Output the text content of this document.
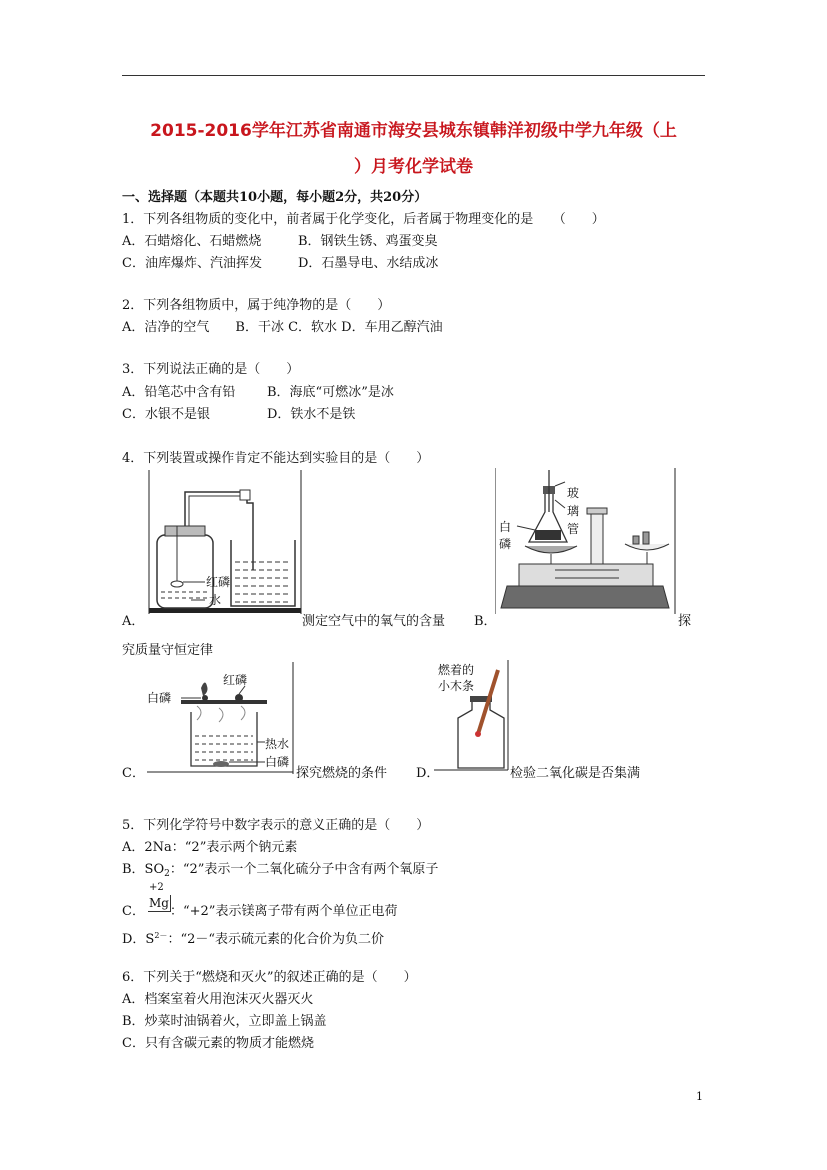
2015-2016学年江苏省南通市海安县城东镇韩洋初级中学九年级（上
）月考化学试卷
一、选择题（本题共10小题，每小题2分，共20分）
1．下列各组物质的变化中，前者属于化学变化，后者属于物理变化的是　　（　　）
A．石蜡熔化、石蜡燃烧	B．钢铁生锈、鸡蛋变臭
C．油库爆炸、汽油挥发	D．石墨导电、水结成冰
2．下列各组物质中，属于纯净物的是（　　）
A．洁净的空气　　B．干冰 C．软水 D．车用乙醇汽油
3．下列说法正确的是（　　）
A．铅笔芯中含有铅 B．海底“可燃冰”是冰
C．水银不是银	D．铁水不是铁
4．下列装置或操作肯定不能达到实验目的是（　　）
红磷
水
A．	测定空气中的氧气的含量 B．
玻
璃
管
白
磷
探
究质量守恒定律
红磷
白磷
热水
白磷
C．	探究燃烧的条件 D．
燃着的
小木条
检验二氧化碳是否集满
5．下列化学符号中数字表示的意义正确的是（　　）
A．2Na：“2”表示两个钠元素
B．$SO_2$：“2”表示一个二氧化硫分子中含有两个氧原子
+2
Mg
C． ：“+2”表示镁离子带有两个单位正电荷
D．$S^{2-}$：“2－“表示硫元素的化合价为负二价
6．下列关于“燃烧和灭火”的叙述正确的是（　　）
A．档案室着火用泡沫灭火器灭火
B．炒菜时油锅着火，立即盖上锅盖
C．只有含碳元素的物质才能燃烧
1
